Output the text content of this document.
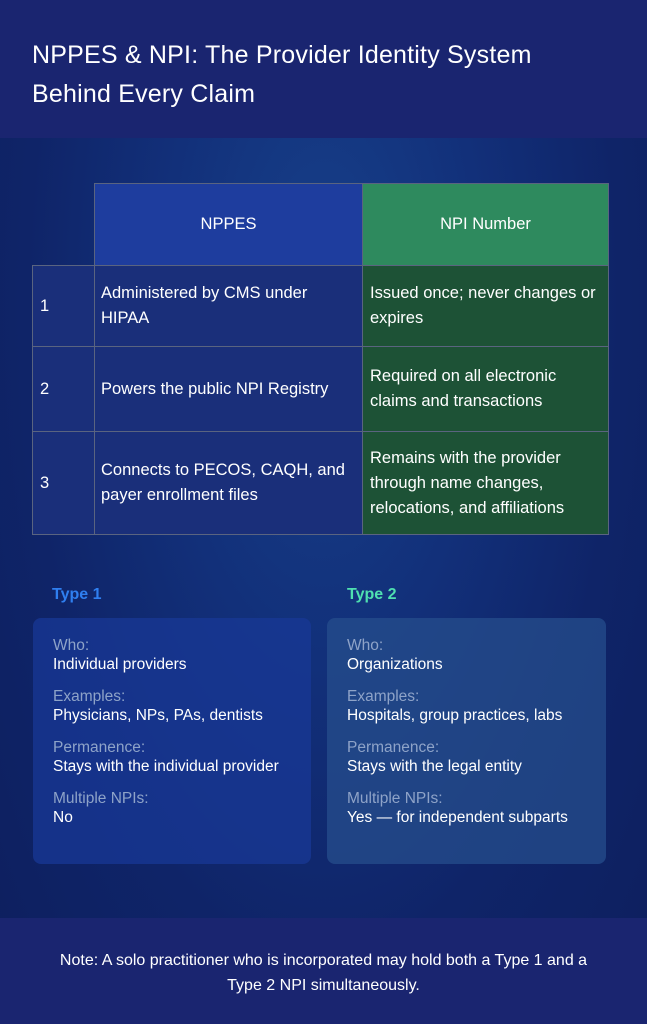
NPPES & NPI: The Provider Identity System
Behind Every Claim
	NPPES	NPI Number
1	Administered by CMS under HIPAA	Issued once; never changes or expires
2	Powers the public NPI Registry	Required on all electronic claims and transactions
3	Connects to PECOS, CAQH, and payer enrollment files	Remains with the provider through name changes, relocations, and affiliations
Type 1	Type 2
Who:
Individual providers
Examples:
Physicians, NPs, PAs, dentists
Permanence:
Stays with the individual provider
Multiple NPIs:
No
Who:
Organizations
Examples:
Hospitals, group practices, labs
Permanence:
Stays with the legal entity
Multiple NPIs:
Yes — for independent subparts
Note: A solo practitioner who is incorporated may hold both a Type 1 and a
Type 2 NPI simultaneously.
